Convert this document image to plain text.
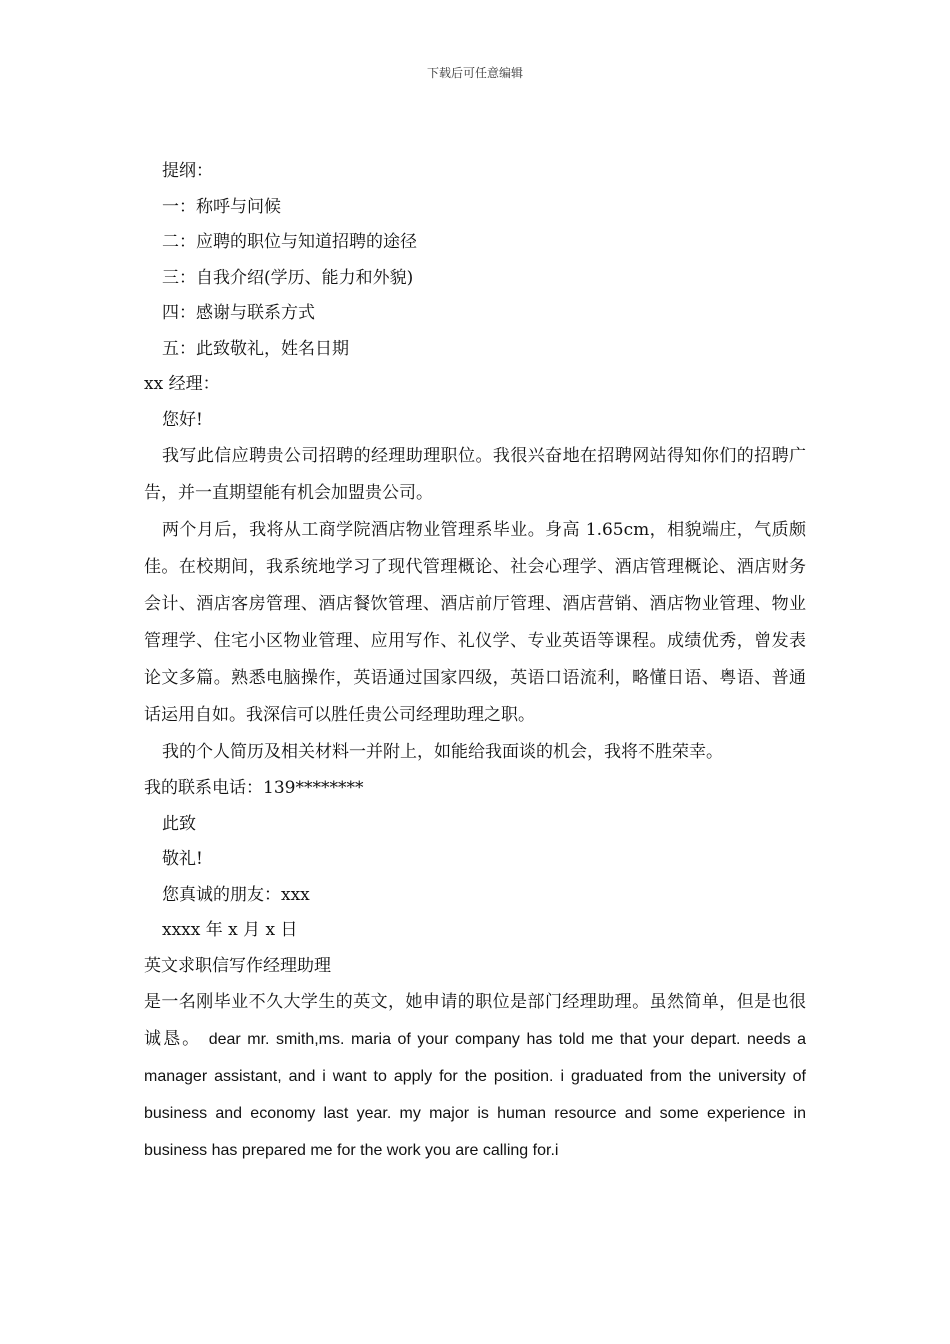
下载后可任意编辑
提纲：
一：称呼与问候
二：应聘的职位与知道招聘的途径
三：自我介绍(学历、能力和外貌)
四：感谢与联系方式
五：此致敬礼，姓名日期
xx 经理：
您好!
我写此信应聘贵公司招聘的经理助理职位。我很兴奋地在招聘网站得知你们的招聘广告，并一直期望能有机会加盟贵公司。
两个月后，我将从工商学院酒店物业管理系毕业。身高 1.65cm，相貌端庄，气质颇佳。在校期间，我系统地学习了现代管理概论、社会心理学、酒店管理概论、酒店财务会计、酒店客房管理、酒店餐饮管理、酒店前厅管理、酒店营销、酒店物业管理、物业管理学、住宅小区物业管理、应用写作、礼仪学、专业英语等课程。成绩优秀，曾发表论文多篇。熟悉电脑操作，英语通过国家四级，英语口语流利，略懂日语、粤语、普通话运用自如。我深信可以胜任贵公司经理助理之职。
我的个人简历及相关材料一并附上，如能给我面谈的机会，我将不胜荣幸。
我的联系电话：139********
此致
敬礼!
您真诚的朋友：xxx
xxxx 年 x 月 x 日
英文求职信写作经理助理
是一名刚毕业不久大学生的英文，她申请的职位是部门经理助理。虽然简单，但是也很诚恳。 dear mr. smith,ms. maria of your company has told me that your depart. needs a manager assistant, and i want to apply for the position. i graduated from the university of business and economy last year. my major is human resource and some experience in business has prepared me for the work you are calling for.i
